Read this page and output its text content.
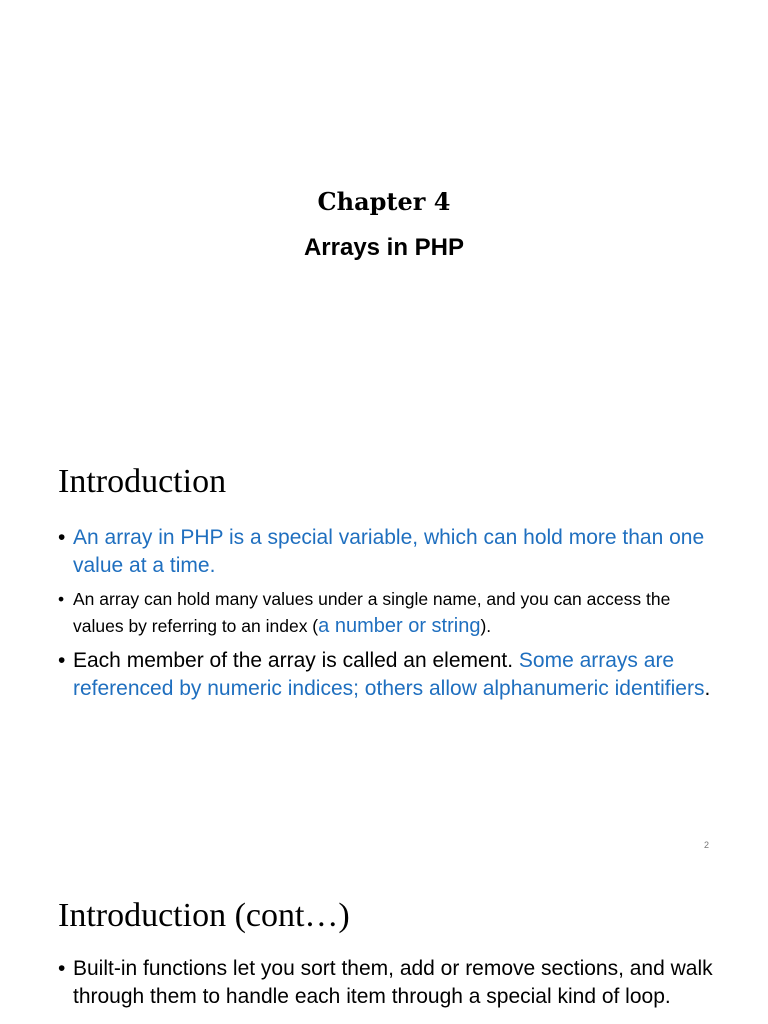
Chapter 4
Arrays in PHP
Introduction
• An array in PHP is a special variable, which can hold more than one value at a time.
• An array can hold many values under a single name, and you can access the values by referring to an index (a number or string).
• Each member of the array is called an element. Some arrays are referenced by numeric indices; others allow alphanumeric identifiers.
2
Introduction (cont…)
• Built-in functions let you sort them, add or remove sections, and walk through them to handle each item through a special kind of loop.
